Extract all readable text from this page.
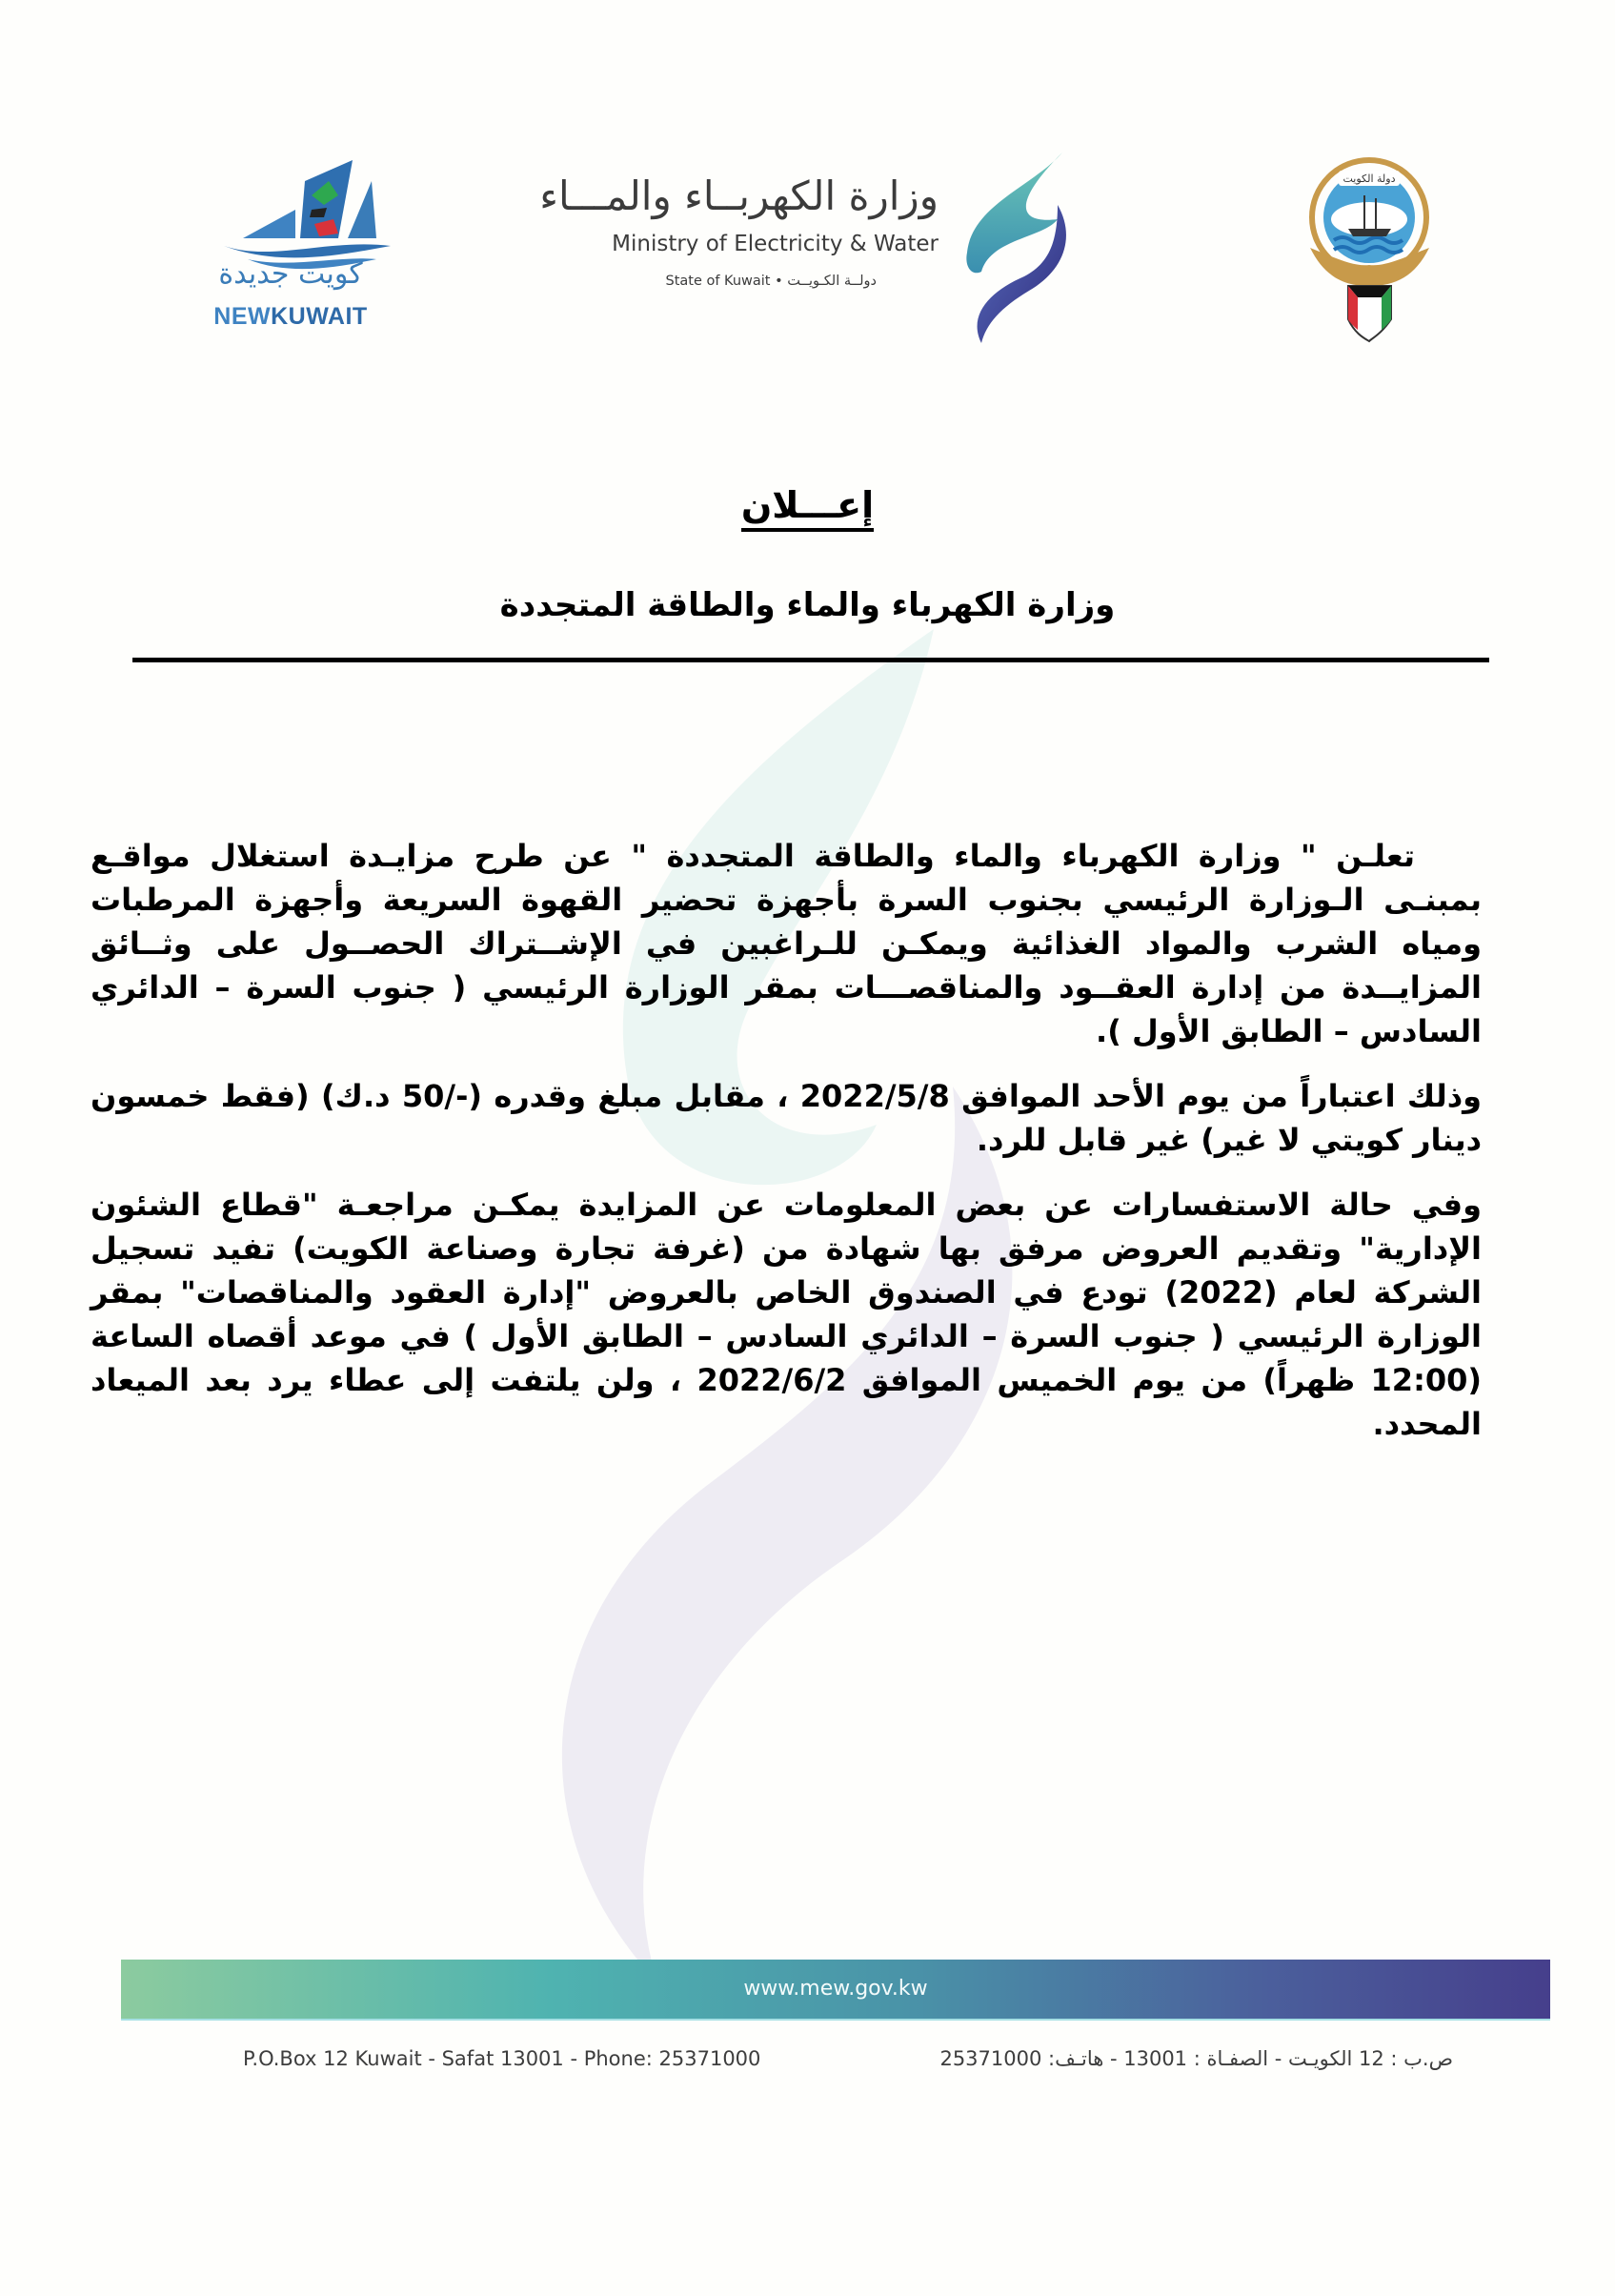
كويت جديدة
NEWKUWAIT
وزارة الكهربــاء والمـــاء
Ministry of Electricity & Water
State of Kuwait • دولــة الكـويــت
دولة الكويت
إعـــلان
وزارة الكهرباء والماء والطاقة المتجددة

تعلـن " وزارة الكهرباء والماء والطاقة المتجددة " عن طرح مزايـدة استغلال مواقـع بمبنـى الـوزارة الرئيسي بجنوب السرة بأجهزة تحضير القهوة السريعة وأجهزة المرطبات ومياه الشرب والمواد الغذائية ويمكـن للـراغبين في الإشــتراك الحصــول على وثــائق المزايــدة من إدارة العقــود والمناقصـــات بمقر الوزارة الرئيسي ( جنوب السرة – الدائري السادس – الطابق الأول ).

وذلك اعتباراً من يوم الأحد الموافق 2022/5/8 ، مقابل مبلغ وقدره (-/50 د.ك) (فقط خمسون دينار كويتي لا غير) غير قابل للرد.

وفي حالة الاستفسارات عن بعض المعلومات عن المزايدة يمكـن مراجعـة "قطاع الشئون الإدارية" وتقديم العروض مرفق بها شهادة من (غرفة تجارة وصناعة الكويت) تفيد تسجيل الشركة لعام (2022) تودع في الصندوق الخاص بالعروض "إدارة العقود والمناقصات" بمقر الوزارة الرئيسي ( جنوب السرة – الدائري السادس – الطابق الأول ) في موعد أقصاه الساعة (12:00 ظهراً) من يوم الخميس الموافق 2022/6/2 ، ولن يلتفت إلى عطاء يرد بعد الميعاد المحدد.

www.mew.gov.kw
P.O.Box 12 Kuwait - Safat 13001 - Phone: 25371000	ص.ب : 12 الكويـت - الصفـاة : 13001 - هاتـف: 25371000
